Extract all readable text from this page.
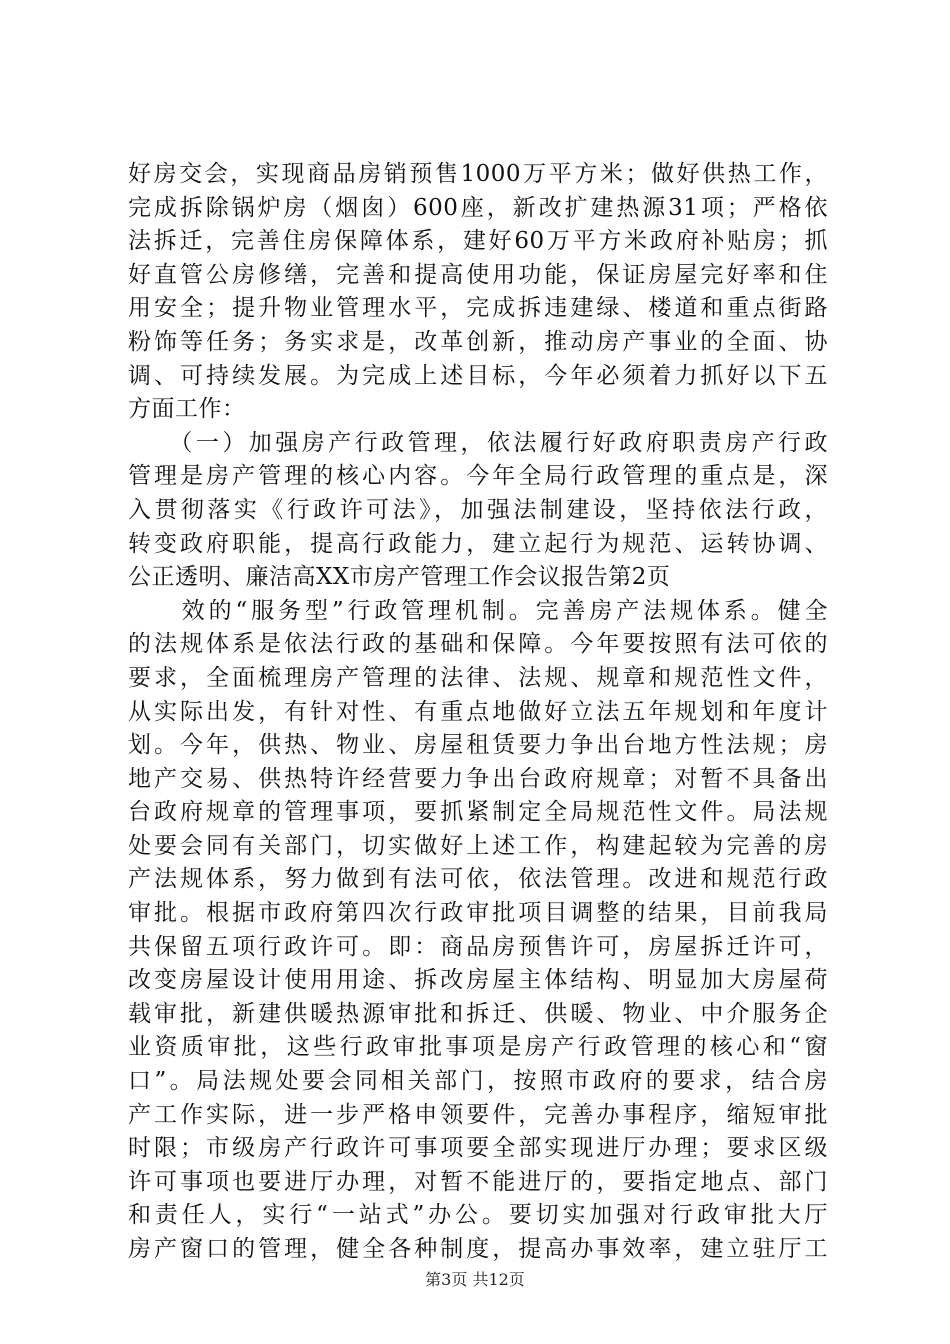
好房交会，实现商品房销预售1000万平方米；做好供热工作，
完成拆除锅炉房（烟囱）600座，新改扩建热源31项；严格依
法拆迁，完善住房保障体系，建好60万平方米政府补贴房；抓
好直管公房修缮，完善和提高使用功能，保证房屋完好率和住
用安全；提升物业管理水平，完成拆违建绿、楼道和重点街路
粉饰等任务；务实求是，改革创新，推动房产事业的全面、协
调、可持续发展。为完成上述目标，今年必须着力抓好以下五
方面工作：
　　（一）加强房产行政管理，依法履行好政府职责房产行政
管理是房产管理的核心内容。今年全局行政管理的重点是，深
入贯彻落实《行政许可法》，加强法制建设，坚持依法行政，
转变政府职能，提高行政能力，建立起行为规范、运转协调、
公正透明、廉洁高XX市房产管理工作会议报告第2页
　　效的“服务型”行政管理机制。完善房产法规体系。健全
的法规体系是依法行政的基础和保障。今年要按照有法可依的
要求，全面梳理房产管理的法律、法规、规章和规范性文件，
从实际出发，有针对性、有重点地做好立法五年规划和年度计
划。今年，供热、物业、房屋租赁要力争出台地方性法规；房
地产交易、供热特许经营要力争出台政府规章；对暂不具备出
台政府规章的管理事项，要抓紧制定全局规范性文件。局法规
处要会同有关部门，切实做好上述工作，构建起较为完善的房
产法规体系，努力做到有法可依，依法管理。改进和规范行政
审批。根据市政府第四次行政审批项目调整的结果，目前我局
共保留五项行政许可。即：商品房预售许可，房屋拆迁许可，
改变房屋设计使用用途、拆改房屋主体结构、明显加大房屋荷
载审批，新建供暖热源审批和拆迁、供暖、物业、中介服务企
业资质审批，这些行政审批事项是房产行政管理的核心和“窗
口”。局法规处要会同相关部门，按照市政府的要求，结合房
产工作实际，进一步严格申领要件，完善办事程序，缩短审批
时限；市级房产行政许可事项要全部实现进厅办理；要求区级
许可事项也要进厅办理，对暂不能进厅的，要指定地点、部门
和责任人，实行“一站式”办公。要切实加强对行政审批大厅
房产窗口的管理，健全各种制度，提高办事效率，建立驻厅工
第3页 共12页
